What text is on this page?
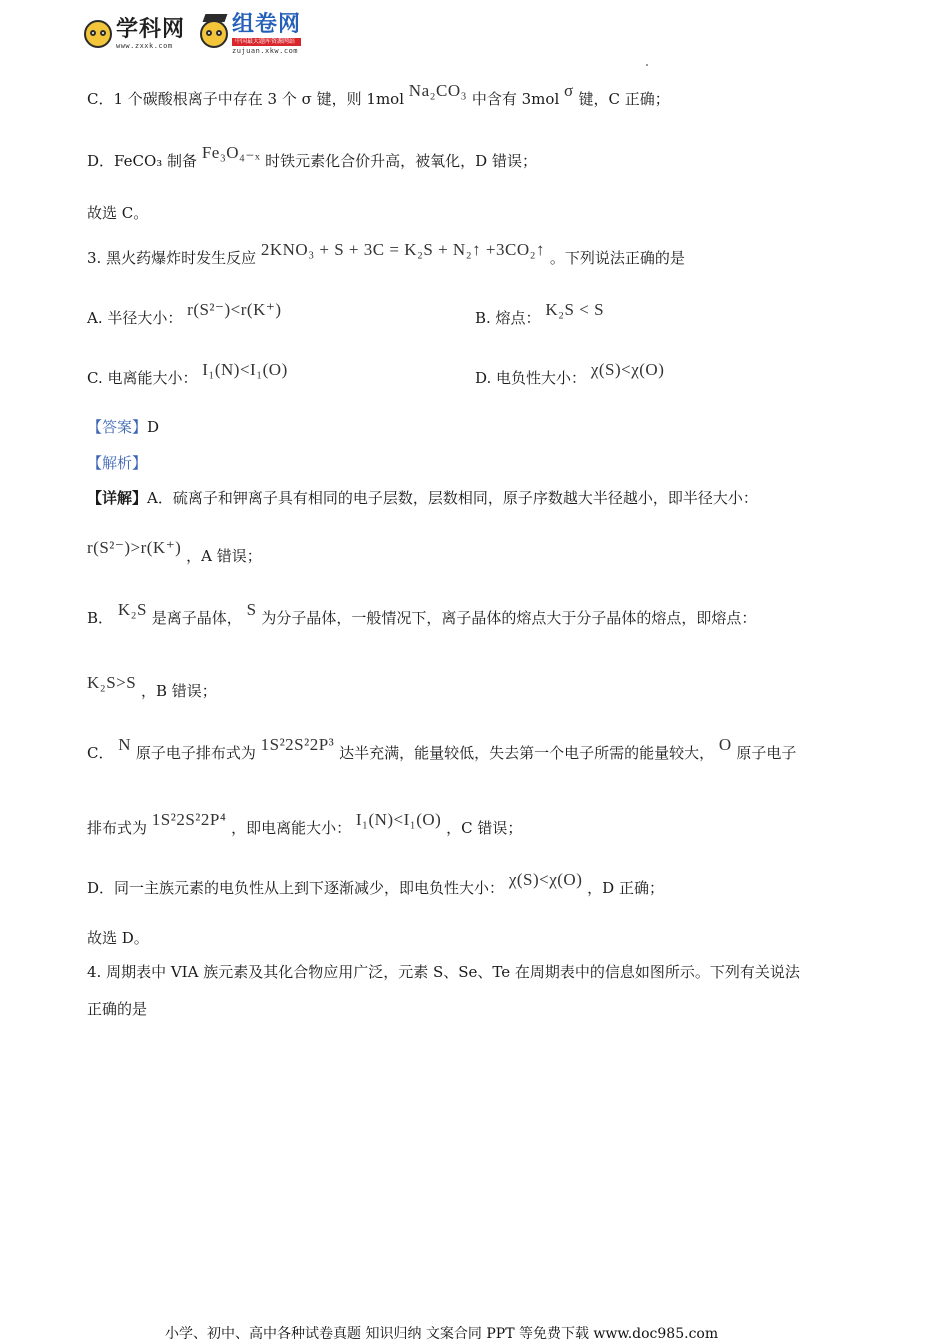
学科网
www.zxxk.com
组卷网
中国最大题库资源网站
zujuan.xkw.com
C．1 个碳酸根离子中存在 3 个 σ 键，则 1mol Na₂CO₃ 中含有 3mol σ 键，C 正确；
D．FeCO₃ 制备 Fe₃O₄₋ₓ 时铁元素化合价升高，被氧化，D 错误；
故选 C。
3. 黑火药爆炸时发生反应 2KNO₃ + S + 3C = K₂S + N₂↑ +3CO₂↑ 。下列说法正确的是
A. 半径大小： r(S²⁻)<r(K⁺)	B. 熔点： K₂S < S
C. 电离能大小： I₁(N)<I₁(O)	D. 电负性大小： χ(S)<χ(O)
【答案】D
【解析】
【详解】A．硫离子和钾离子具有相同的电子层数，层数相同，原子序数越大半径越小，即半径大小：
r(S²⁻)>r(K⁺) ，A 错误；
B． K₂S 是离子晶体， S 为分子晶体，一般情况下，离子晶体的熔点大于分子晶体的熔点，即熔点：
K₂S>S ，B 错误；
C． N 原子电子排布式为 1S²2S²2P³ 达半充满，能量较低，失去第一个电子所需的能量较大， O 原子电子
排布式为 1S²2S²2P⁴ ，即电离能大小： I₁(N)<I₁(O) ，C 错误；
D．同一主族元素的电负性从上到下逐渐减少，即电负性大小： χ(S)<χ(O) ，D 正确；
故选 D。
4. 周期表中 VIA 族元素及其化合物应用广泛，元素 S、Se、Te 在周期表中的信息如图所示。下列有关说法
正确的是
小学、初中、高中各种试卷真题 知识归纳 文案合同 PPT 等免费下载 www.doc985.com
